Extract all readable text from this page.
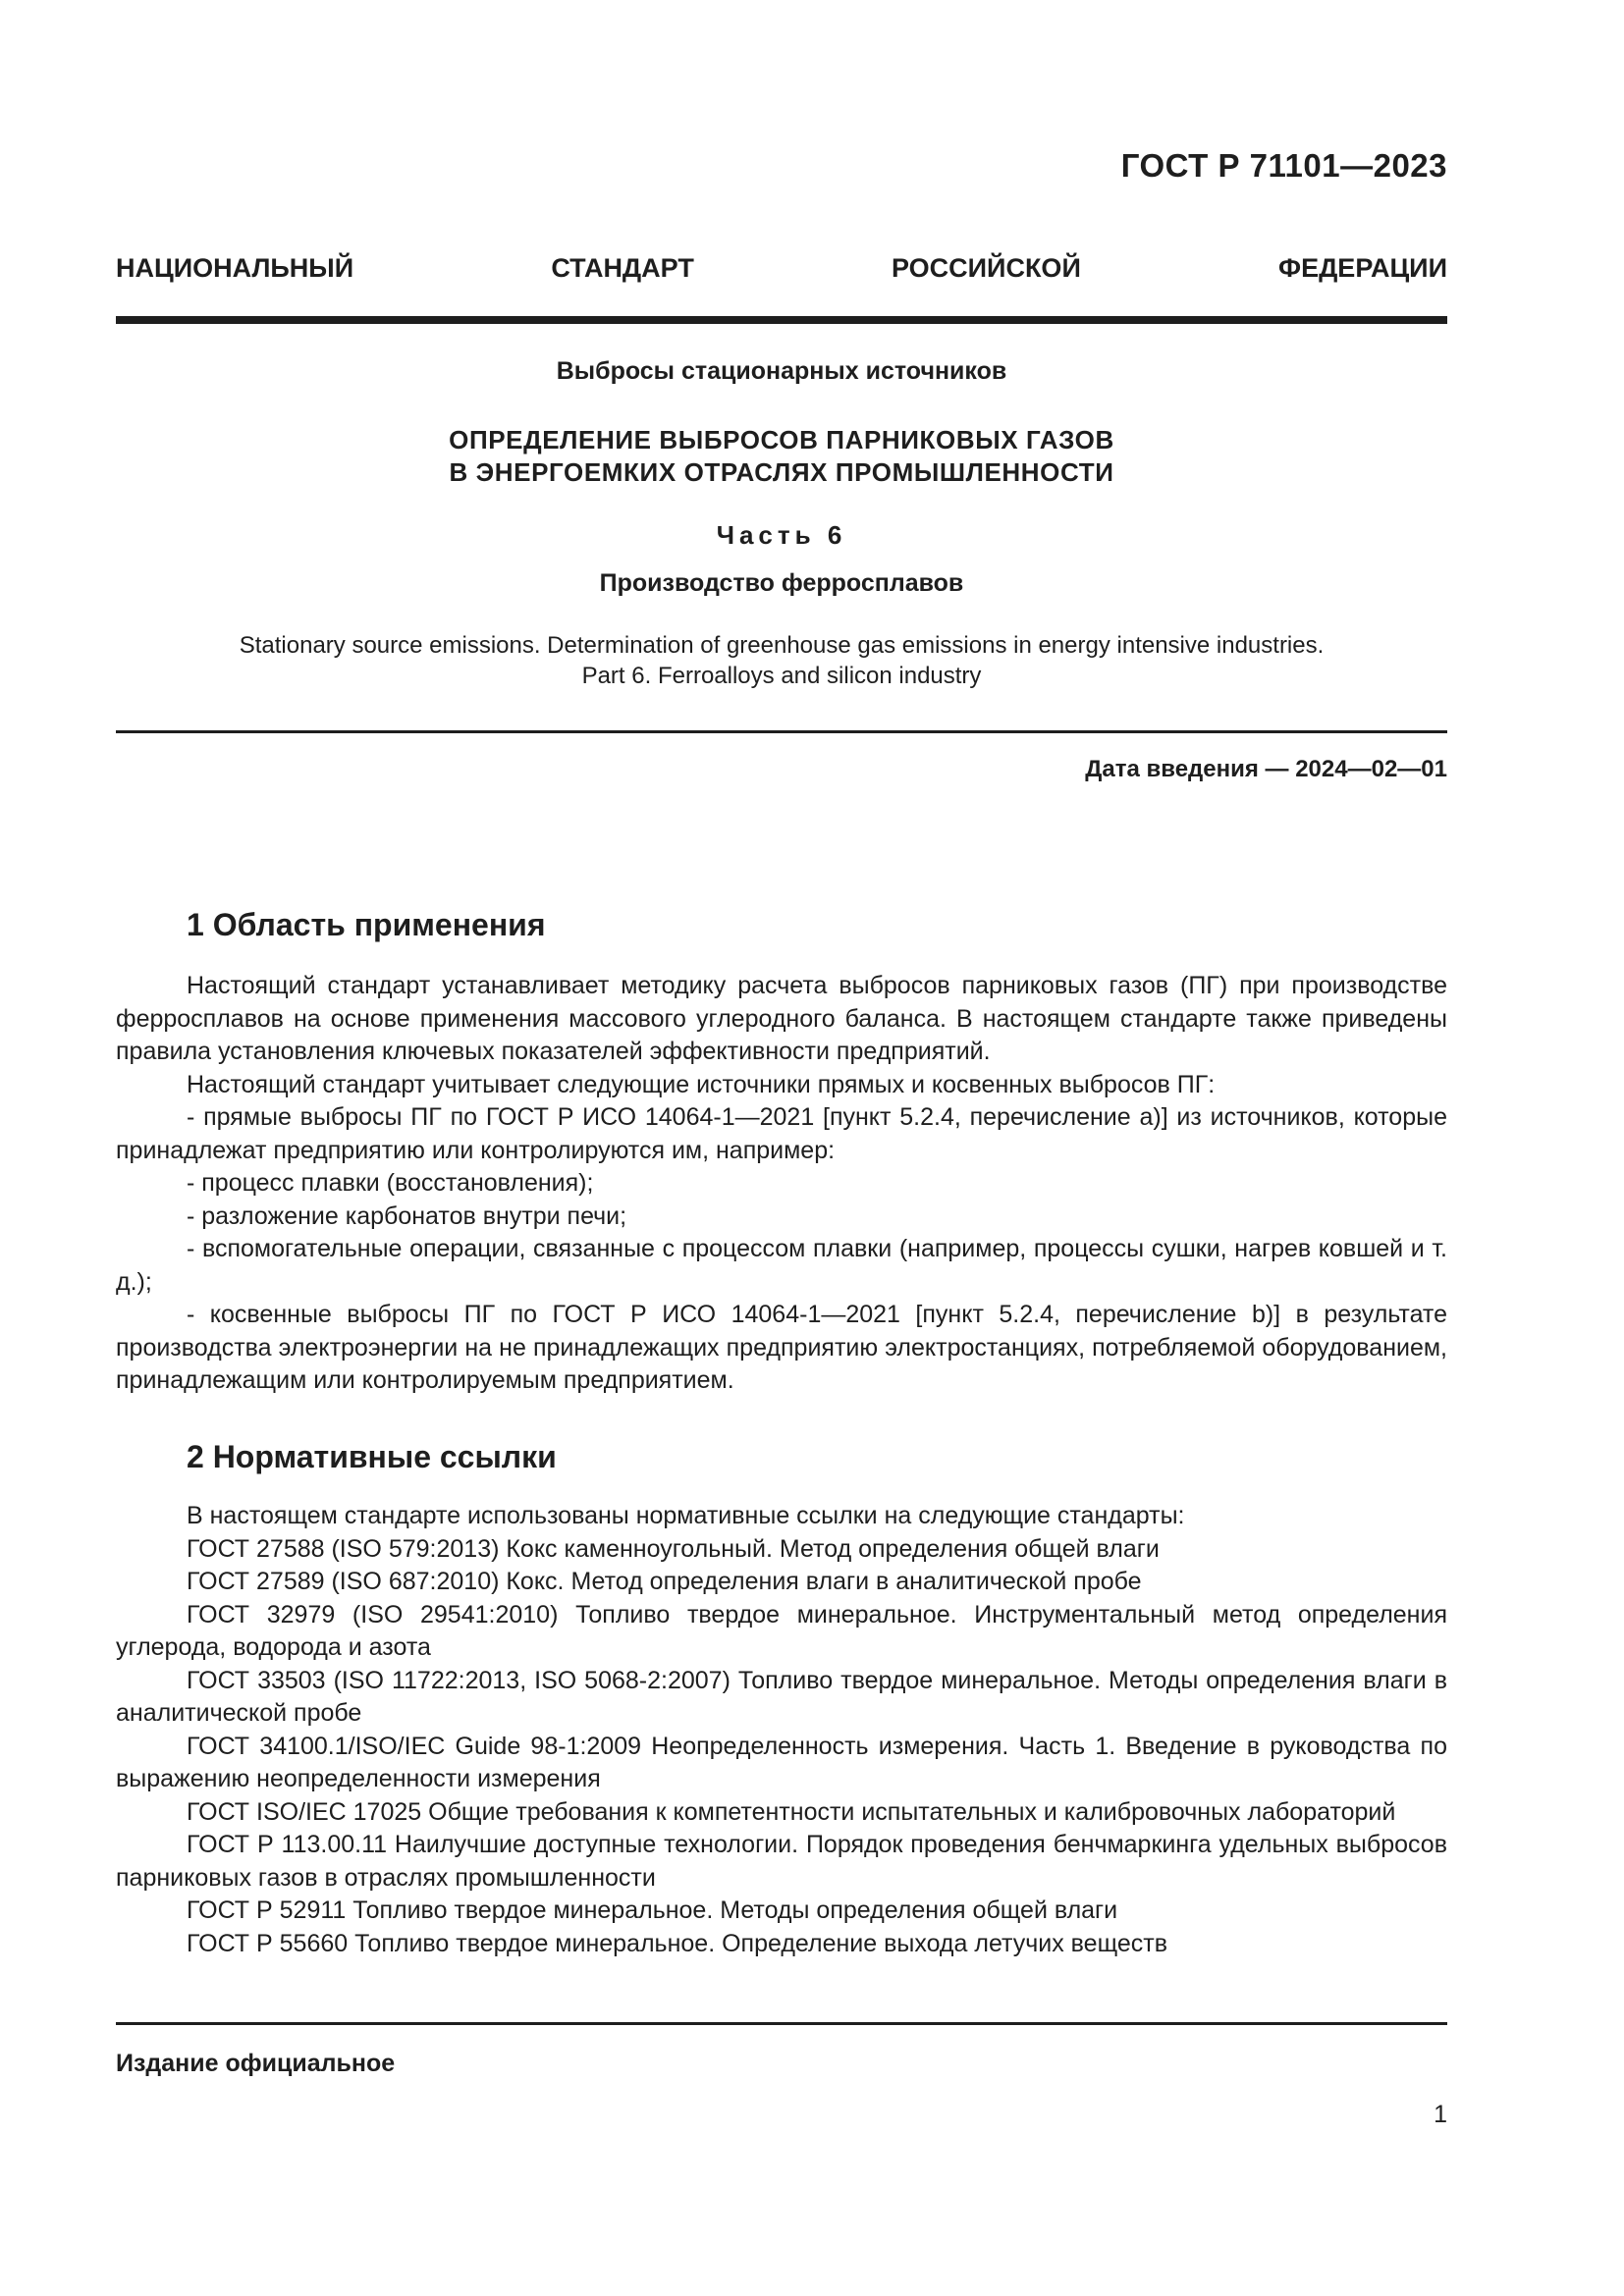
ГОСТ Р 71101—2023
НАЦИОНАЛЬНЫЙ СТАНДАРТ РОССИЙСКОЙ ФЕДЕРАЦИИ
Выбросы стационарных источников
ОПРЕДЕЛЕНИЕ ВЫБРОСОВ ПАРНИКОВЫХ ГАЗОВ
В ЭНЕРГОЕМКИХ ОТРАСЛЯХ ПРОМЫШЛЕННОСТИ
Часть 6
Производство ферросплавов
Stationary source emissions. Determination of greenhouse gas emissions in energy intensive industries.
Part 6. Ferroalloys and silicon industry
Дата введения — 2024—02—01
1 Область применения

Настоящий стандарт устанавливает методику расчета выбросов парниковых газов (ПГ) при производстве ферросплавов на основе применения массового углеродного баланса. В настоящем стандарте также приведены правила установления ключевых показателей эффективности предприятий.

Настоящий стандарт учитывает следующие источники прямых и косвенных выбросов ПГ:

- прямые выбросы ПГ по ГОСТ Р ИСО 14064-1—2021 [пункт 5.2.4, перечисление a)] из источников, которые принадлежат предприятию или контролируются им, например:

- процесс плавки (восстановления);

- разложение карбонатов внутри печи;

- вспомогательные операции, связанные с процессом плавки (например, процессы сушки, нагрев ковшей и т. д.);

- косвенные выбросы ПГ по ГОСТ Р ИСО 14064-1—2021 [пункт 5.2.4, перечисление b)] в результате производства электроэнергии на не принадлежащих предприятию электростанциях, потребляемой оборудованием, принадлежащим или контролируемым предприятием.

2 Нормативные ссылки

В настоящем стандарте использованы нормативные ссылки на следующие стандарты:

ГОСТ 27588 (ISO 579:2013) Кокс каменноугольный. Метод определения общей влаги

ГОСТ 27589 (ISO 687:2010) Кокс. Метод определения влаги в аналитической пробе

ГОСТ 32979 (ISO 29541:2010) Топливо твердое минеральное. Инструментальный метод определения углерода, водорода и азота

ГОСТ 33503 (ISO 11722:2013, ISO 5068-2:2007) Топливо твердое минеральное. Методы определения влаги в аналитической пробе

ГОСТ 34100.1/ISO/IEC Guide 98-1:2009 Неопределенность измерения. Часть 1. Введение в руководства по выражению неопределенности измерения

ГОСТ ISO/IEC 17025 Общие требования к компетентности испытательных и калибровочных лабораторий

ГОСТ Р 113.00.11 Наилучшие доступные технологии. Порядок проведения бенчмаркинга удельных выбросов парниковых газов в отраслях промышленности

ГОСТ Р 52911 Топливо твердое минеральное. Методы определения общей влаги

ГОСТ Р 55660 Топливо твердое минеральное. Определение выхода летучих веществ

Издание официальное
1
